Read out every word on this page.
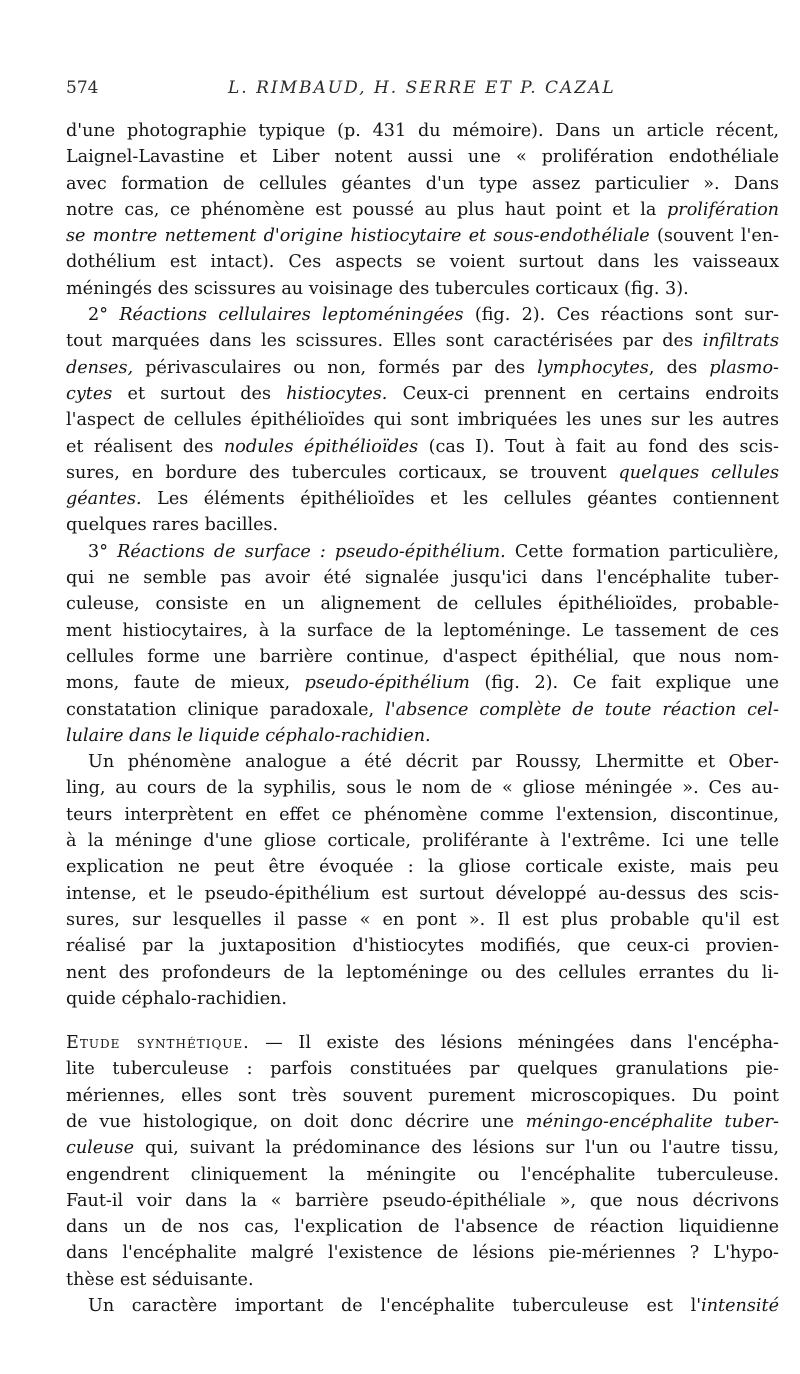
574	L. RIMBAUD, H. SERRE ET P. CAZAL
d'une photographie typique (p. 431 du mémoire). Dans un article récent,
Laignel-Lavastine et Liber notent aussi une « prolifération endothéliale
avec formation de cellules géantes d'un type assez particulier ». Dans
notre cas, ce phénomène est poussé au plus haut point et la prolifération
se montre nettement d'origine histiocytaire et sous-endothéliale (souvent l'en-
dothélium est intact). Ces aspects se voient surtout dans les vaisseaux
méningés des scissures au voisinage des tubercules corticaux (fig. 3).
2° Réactions cellulaires leptoméningées (fig. 2). Ces réactions sont sur-
tout marquées dans les scissures. Elles sont caractérisées par des infiltrats
denses, périvasculaires ou non, formés par des lymphocytes, des plasmo-
cytes et surtout des histiocytes. Ceux-ci prennent en certains endroits
l'aspect de cellules épithélioïdes qui sont imbriquées les unes sur les autres
et réalisent des nodules épithélioïdes (cas I). Tout à fait au fond des scis-
sures, en bordure des tubercules corticaux, se trouvent quelques cellules
géantes. Les éléments épithélioïdes et les cellules géantes contiennent
quelques rares bacilles.
3° Réactions de surface : pseudo-épithélium. Cette formation particulière,
qui ne semble pas avoir été signalée jusqu'ici dans l'encéphalite tuber-
culeuse, consiste en un alignement de cellules épithélioïdes, probable-
ment histiocytaires, à la surface de la leptoméninge. Le tassement de ces
cellules forme une barrière continue, d'aspect épithélial, que nous nom-
mons, faute de mieux, pseudo-épithélium (fig. 2). Ce fait explique une
constatation clinique paradoxale, l'absence complète de toute réaction cel-
lulaire dans le liquide céphalo-rachidien.
Un phénomène analogue a été décrit par Roussy, Lhermitte et Ober-
ling, au cours de la syphilis, sous le nom de « gliose méningée ». Ces au-
teurs interprètent en effet ce phénomène comme l'extension, discontinue,
à la méninge d'une gliose corticale, proliférante à l'extrême. Ici une telle
explication ne peut être évoquée : la gliose corticale existe, mais peu
intense, et le pseudo-épithélium est surtout développé au-dessus des scis-
sures, sur lesquelles il passe « en pont ». Il est plus probable qu'il est
réalisé par la juxtaposition d'histiocytes modifiés, que ceux-ci provien-
nent des profondeurs de la leptoméninge ou des cellules errantes du li-
quide céphalo-rachidien.
Etude synthétique. — Il existe des lésions méningées dans l'encépha-
lite tuberculeuse : parfois constituées par quelques granulations pie-
mériennes, elles sont très souvent purement microscopiques. Du point
de vue histologique, on doit donc décrire une méningo-encéphalite tuber-
culeuse qui, suivant la prédominance des lésions sur l'un ou l'autre tissu,
engendrent cliniquement la méningite ou l'encéphalite tuberculeuse.
Faut-il voir dans la « barrière pseudo-épithéliale », que nous décrivons
dans un de nos cas, l'explication de l'absence de réaction liquidienne
dans l'encéphalite malgré l'existence de lésions pie-mériennes ? L'hypo-
thèse est séduisante.
Un caractère important de l'encéphalite tuberculeuse est l'intensité
